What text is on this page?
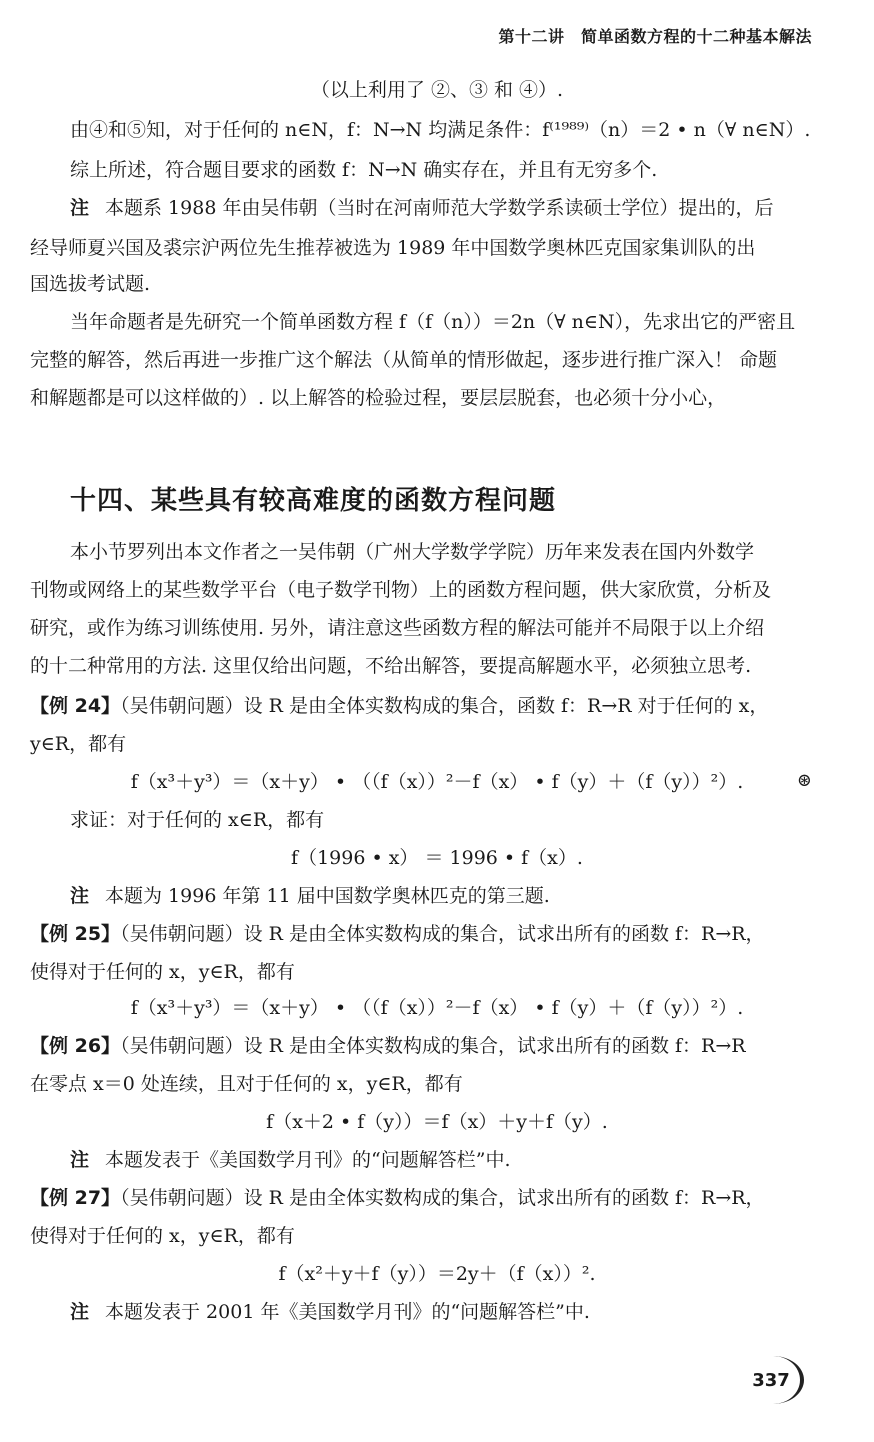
第十二讲　简单函数方程的十二种基本解法
（以上利用了 ②、③ 和 ④）.
由④和⑤知，对于任何的 n∈N，f：N→N 均满足条件：f⁽¹⁹⁸⁹⁾（n）＝2 • n（∀ n∈N）.
综上所述，符合题目要求的函数 f：N→N 确实存在，并且有无穷多个.
注 本题系 1988 年由吴伟朝（当时在河南师范大学数学系读硕士学位）提出的，后
经导师夏兴国及裘宗沪两位先生推荐被选为 1989 年中国数学奥林匹克国家集训队的出
国选拔考试题.
当年命题者是先研究一个简单函数方程 f（f（n））＝2n（∀ n∈N），先求出它的严密且
完整的解答，然后再进一步推广这个解法（从简单的情形做起，逐步进行推广深入！ 命题
和解题都是可以这样做的）. 以上解答的检验过程，要层层脱套，也必须十分小心，
十四、某些具有较高难度的函数方程问题
本小节罗列出本文作者之一吴伟朝（广州大学数学学院）历年来发表在国内外数学
刊物或网络上的某些数学平台（电子数学刊物）上的函数方程问题，供大家欣赏，分析及
研究，或作为练习训练使用. 另外，请注意这些函数方程的解法可能并不局限于以上介绍
的十二种常用的方法. 这里仅给出问题，不给出解答，要提高解题水平，必须独立思考.
【例 24】（吴伟朝问题）设 R 是由全体实数构成的集合，函数 f：R→R 对于任何的 x，
y∈R，都有
f（x³＋y³）＝（x＋y） • （（f（x））²－f（x） • f（y）＋（f（y））²）.	⊛
求证：对于任何的 x∈R，都有
f（1996 • x） ＝ 1996 • f（x）.
注 本题为 1996 年第 11 届中国数学奥林匹克的第三题.
【例 25】（吴伟朝问题）设 R 是由全体实数构成的集合，试求出所有的函数 f：R→R，
使得对于任何的 x，y∈R，都有
f（x³＋y³）＝（x＋y） • （（f（x））²－f（x） • f（y）＋（f（y））²）.
【例 26】（吴伟朝问题）设 R 是由全体实数构成的集合，试求出所有的函数 f：R→R
在零点 x＝0 处连续，且对于任何的 x，y∈R，都有
f（x＋2 • f（y））＝f（x）＋y＋f（y）.
注 本题发表于《美国数学月刊》的“问题解答栏”中.
【例 27】（吴伟朝问题）设 R 是由全体实数构成的集合，试求出所有的函数 f：R→R，
使得对于任何的 x，y∈R，都有
f（x²＋y＋f（y））＝2y＋（f（x））².
注 本题发表于 2001 年《美国数学月刊》的“问题解答栏”中.
337
